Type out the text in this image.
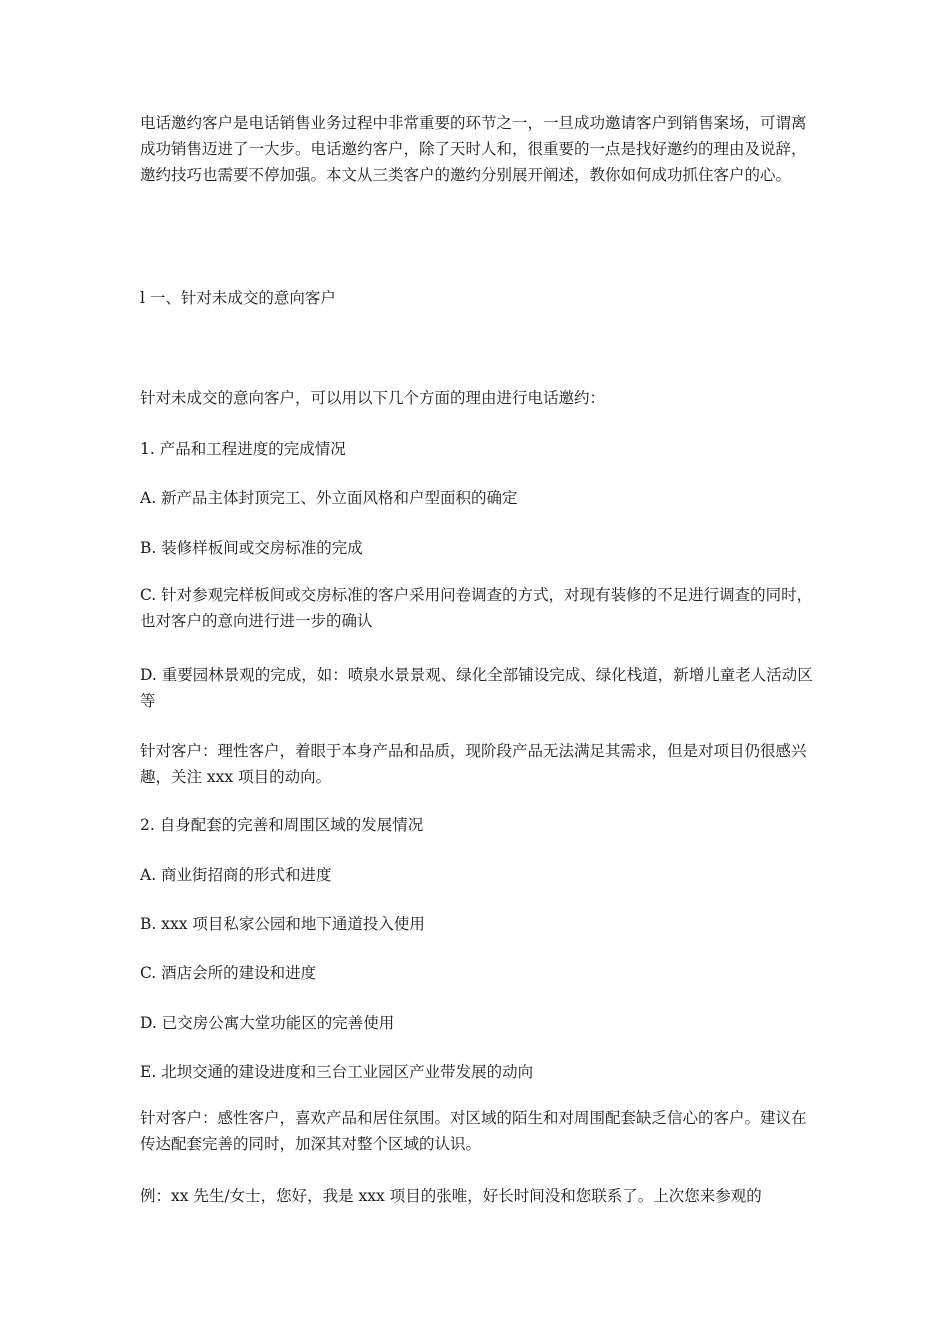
电话邀约客户是电话销售业务过程中非常重要的环节之一，一旦成功邀请客户到销售案场，可谓离成功销售迈进了一大步。电话邀约客户，除了天时人和，很重要的一点是找好邀约的理由及说辞，邀约技巧也需要不停加强。本文从三类客户的邀约分别展开阐述，教你如何成功抓住客户的心。

l 一、针对未成交的意向客户

针对未成交的意向客户，可以用以下几个方面的理由进行电话邀约：

1. 产品和工程进度的完成情况

A. 新产品主体封顶完工、外立面风格和户型面积的确定

B. 装修样板间或交房标准的完成

C. 针对参观完样板间或交房标准的客户采用问卷调查的方式，对现有装修的不足进行调查的同时，也对客户的意向进行进一步的确认

D. 重要园林景观的完成，如：喷泉水景景观、绿化全部铺设完成、绿化栈道，新增儿童老人活动区等

针对客户：理性客户，着眼于本身产品和品质，现阶段产品无法满足其需求，但是对项目仍很感兴趣，关注 xxx 项目的动向。

2. 自身配套的完善和周围区域的发展情况

A. 商业街招商的形式和进度

B. xxx 项目私家公园和地下通道投入使用

C. 酒店会所的建设和进度

D. 已交房公寓大堂功能区的完善使用

E. 北坝交通的建设进度和三台工业园区产业带发展的动向

针对客户：感性客户，喜欢产品和居住氛围。对区域的陌生和对周围配套缺乏信心的客户。建议在传达配套完善的同时，加深其对整个区域的认识。

例：xx 先生/女士，您好，我是 xxx 项目的张唯，好长时间没和您联系了。上次您来参观的
